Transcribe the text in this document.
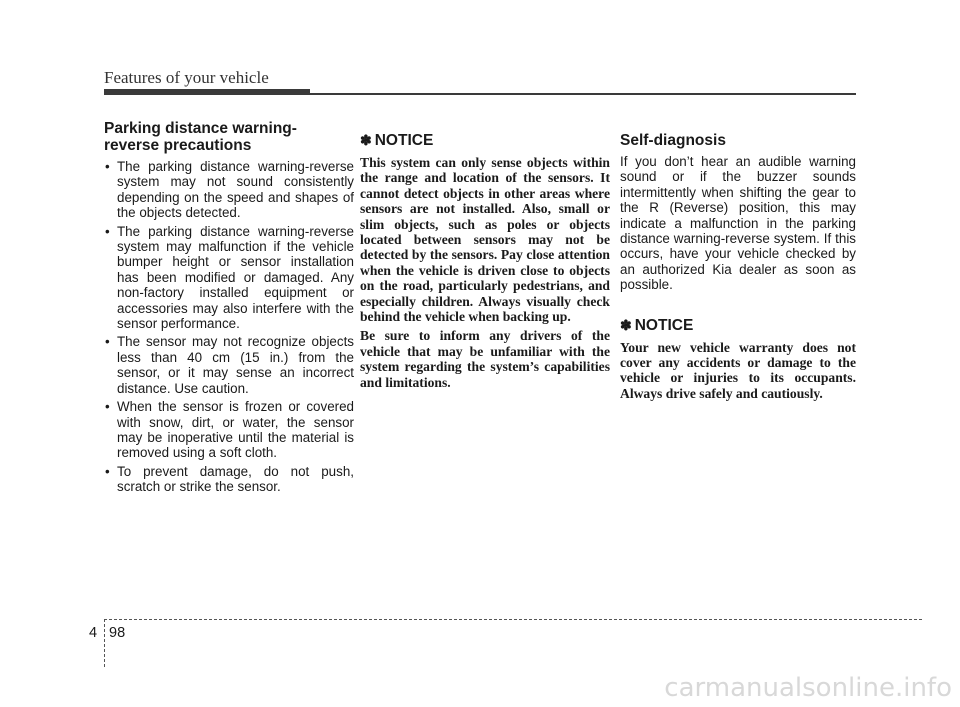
Features of your vehicle
Parking distance warning- reverse precautions
• The parking distance warning-reverse system may not sound consistently depending on the speed and shapes of the objects detected.
• The parking distance warning-reverse system may malfunction if the vehicle bumper height or sensor installation has been modified or damaged. Any non-factory installed equipment or accessories may also interfere with the sensor performance.
• The sensor may not recognize objects less than 40 cm (15 in.) from the sensor, or it may sense an incorrect distance. Use caution.
• When the sensor is frozen or covered with snow, dirt, or water, the sensor may be inoperative until the material is removed using a soft cloth.
• To prevent damage, do not push, scratch or strike the sensor.
✽ NOTICE

This system can only sense objects within the range and location of the sensors. It cannot detect objects in other areas where sensors are not installed. Also, small or slim objects, such as poles or objects located between sensors may not be detected by the sensors. Pay close attention when the vehicle is driven close to objects on the road, particularly pedestrians, and especially children. Always visually check behind the vehicle when backing up.

Be sure to inform any drivers of the vehicle that may be unfamiliar with the system regarding the system’s capabilities and limitations.

Self-diagnosis

If you don’t hear an audible warning sound or if the buzzer sounds intermittently when shifting the gear to the R (Reverse) position, this may indicate a malfunction in the parking distance warning-reverse system. If this occurs, have your vehicle checked by an authorized Kia dealer as soon as possible.

✽ NOTICE

Your new vehicle warranty does not cover any accidents or damage to the vehicle or injuries to its occupants. Always drive safely and cautiously.

4 98
carmanualsonline.info
